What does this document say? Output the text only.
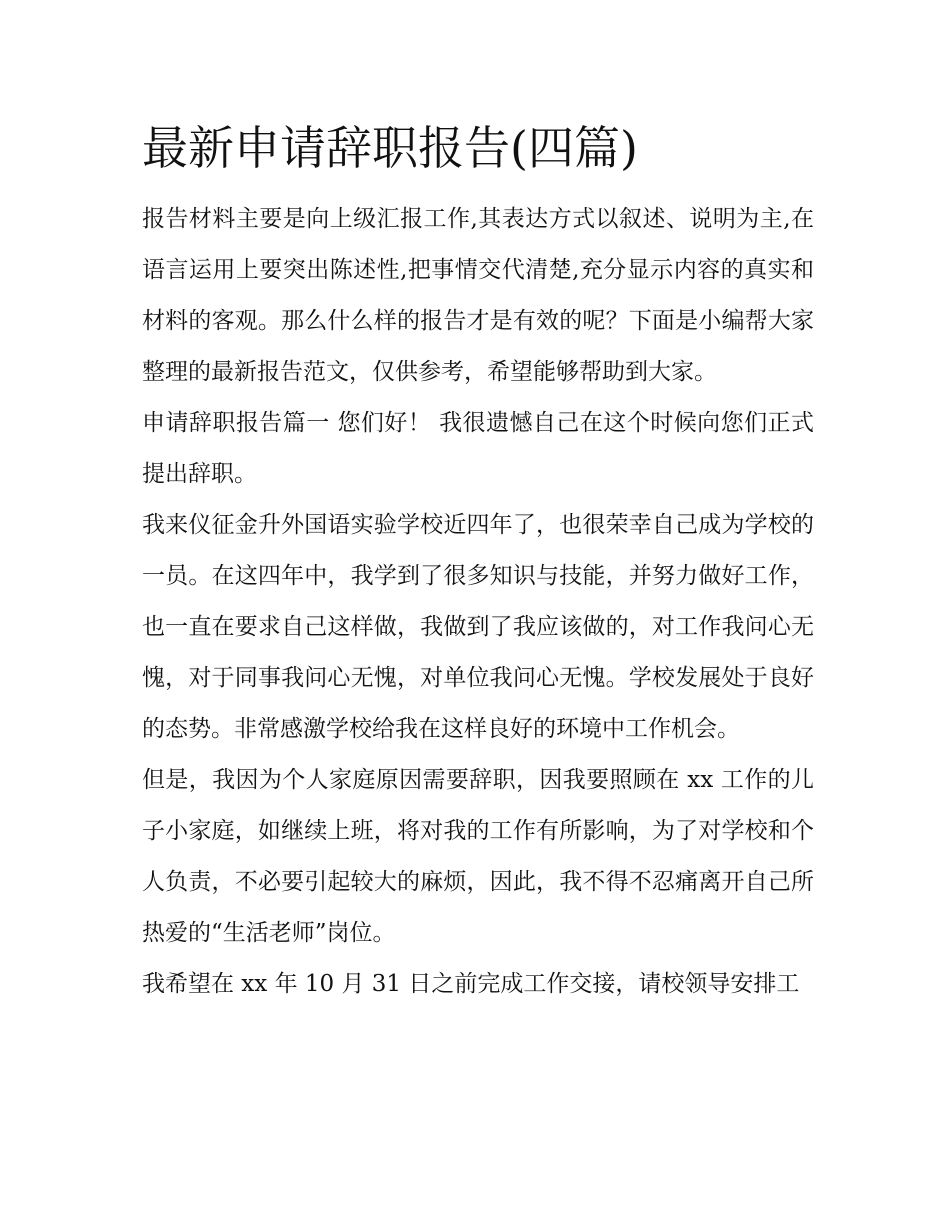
最新申请辞职报告(四篇)

报告材料主要是向上级汇报工作,其表达方式以叙述、说明为主,在语言运用上要突出陈述性,把事情交代清楚,充分显示内容的真实和材料的客观。那么什么样的报告才是有效的呢？下面是小编帮大家整理的最新报告范文，仅供参考，希望能够帮助到大家。

申请辞职报告篇一 您们好！ 我很遗憾自己在这个时候向您们正式提出辞职。

我来仪征金升外国语实验学校近四年了，也很荣幸自己成为学校的一员。在这四年中，我学到了很多知识与技能，并努力做好工作，也一直在要求自己这样做，我做到了我应该做的，对工作我问心无愧，对于同事我问心无愧，对单位我问心无愧。学校发展处于良好的态势。非常感激学校给我在这样良好的环境中工作机会。

但是，我因为个人家庭原因需要辞职，因我要照顾在 xx 工作的儿子小家庭，如继续上班，将对我的工作有所影响，为了对学校和个人负责，不必要引起较大的麻烦，因此，我不得不忍痛离开自己所热爱的“生活老师”岗位。

我希望在 xx 年 10 月 31 日之前完成工作交接，请校领导安排工
